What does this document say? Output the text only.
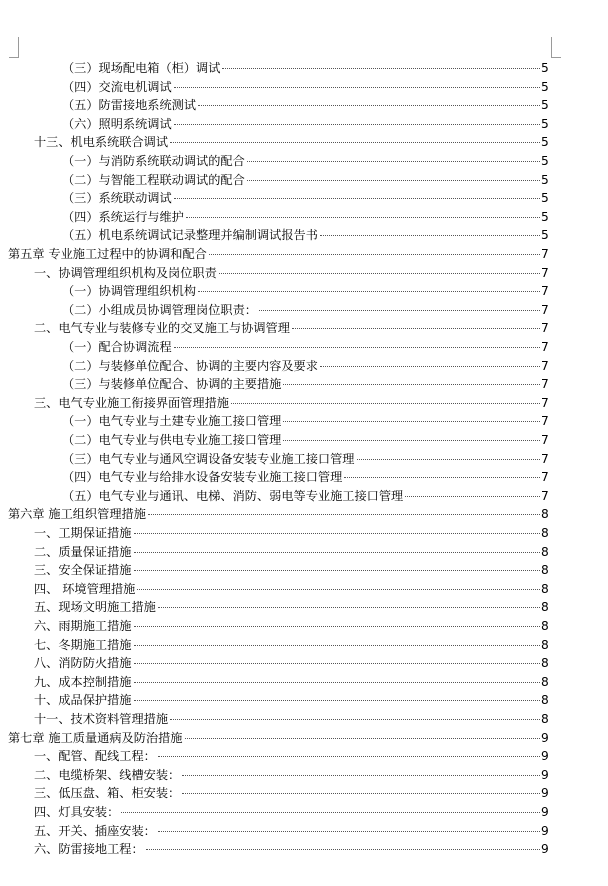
（三）现场配电箱（柜）调试	5
（四）交流电机调试	5
（五）防雷接地系统测试	5
（六）照明系统调试	5
十三、机电系统联合调试	5
（一）与消防系统联动调试的配合	5
（二）与智能工程联动调试的配合	5
（三）系统联动调试	5
（四）系统运行与维护	5
（五）机电系统调试记录整理并编制调试报告书	5
第五章 专业施工过程中的协调和配合	7
一、协调管理组织机构及岗位职责	7
（一）协调管理组织机构	7
（二）小组成员协调管理岗位职责：	7
二、电气专业与装修专业的交叉施工与协调管理	7
（一）配合协调流程	7
（二）与装修单位配合、协调的主要内容及要求	7
（三）与装修单位配合、协调的主要措施	7
三、电气专业施工衔接界面管理措施	7
（一）电气专业与土建专业施工接口管理	7
（二）电气专业与供电专业施工接口管理	7
（三）电气专业与通风空调设备安装专业施工接口管理	7
（四）电气专业与给排水设备安装专业施工接口管理	7
（五）电气专业与通讯、电梯、消防、弱电等专业施工接口管理	7
第六章 施工组织管理措施	8
一、工期保证措施	8
二、质量保证措施	8
三、安全保证措施	8
四、 环境管理措施	8
五、现场文明施工措施	8
六、雨期施工措施	8
七、冬期施工措施	8
八、消防防火措施	8
九、成本控制措施	8
十、成品保护措施	8
十一、技术资料管理措施	8
第七章 施工质量通病及防治措施	9
一、配管、配线工程：	9
二、电缆桥架、线槽安装：	9
三、低压盘、箱、柜安装：	9
四、灯具安装：	9
五、开关、插座安装：	9
六、防雷接地工程：	9
